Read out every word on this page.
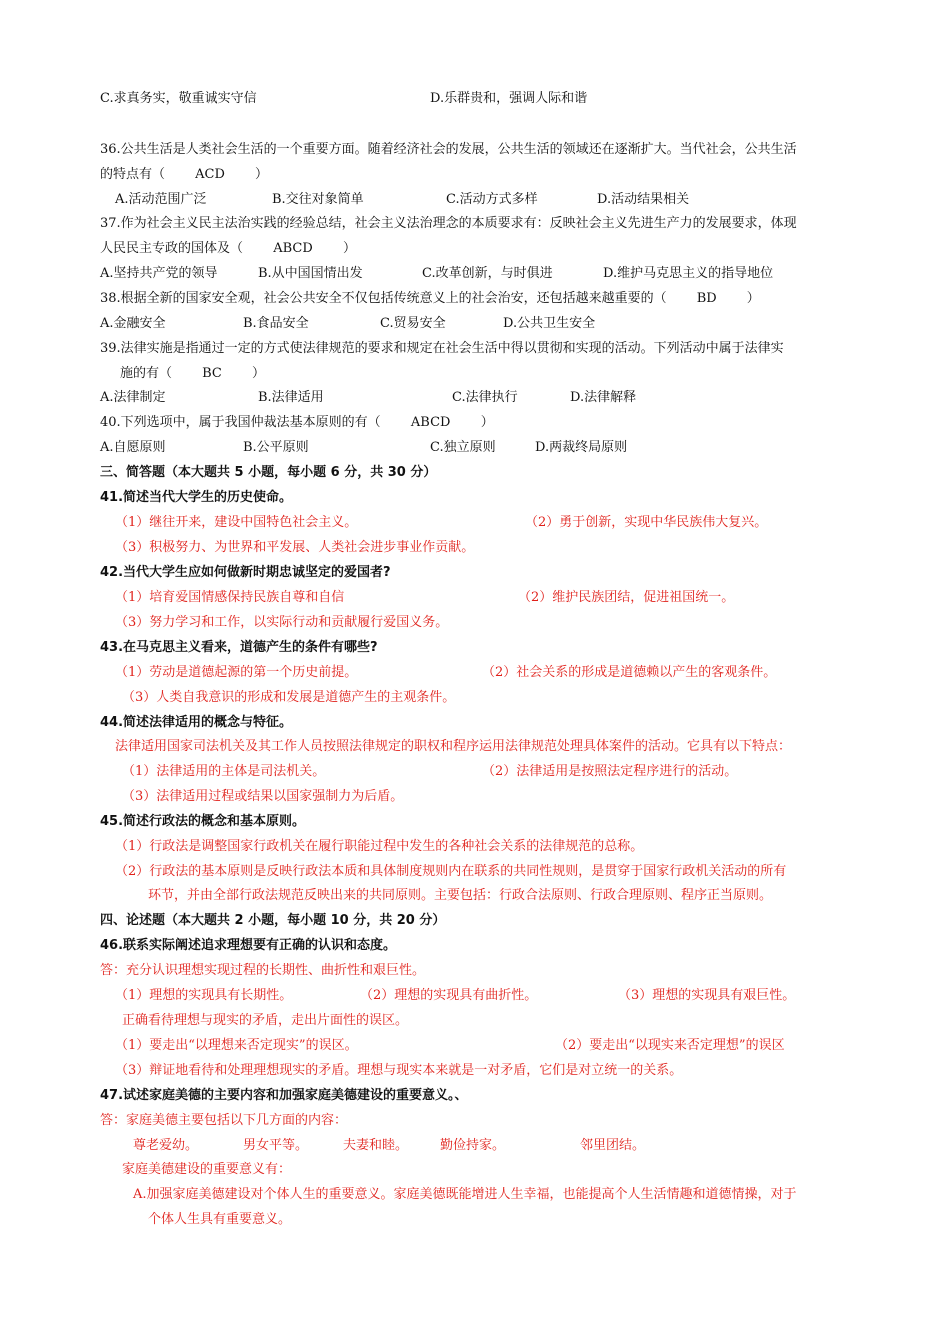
C.求真务实，敬重诚实守信	D.乐群贵和，强调人际和谐
36.公共生活是人类社会生活的一个重要方面。随着经济社会的发展，公共生活的领域还在逐渐扩大。当代社会，公共生活
的特点有（ ACD ）
A.活动范围广泛	B.交往对象简单	C.活动方式多样	D.活动结果相关
37.作为社会主义民主法治实践的经验总结，社会主义法治理念的本质要求有：反映社会主义先进生产力的发展要求，体现
人民民主专政的国体及（ ABCD ）
A.坚持共产党的领导	B.从中国国情出发	C.改革创新，与时俱进	D.维护马克思主义的指导地位
38.根据全新的国家安全观，社会公共安全不仅包括传统意义上的社会治安，还包括越来越重要的（ BD ）
A.金融安全	B.食品安全	C.贸易安全	D.公共卫生安全
39.法律实施是指通过一定的方式使法律规范的要求和规定在社会生活中得以贯彻和实现的活动。下列活动中属于法律实
施的有（ BC ）
A.法律制定	B.法律适用	C.法律执行	D.法律解释
40.下列选项中，属于我国仲裁法基本原则的有（ ABCD ）
A.自愿原则	B.公平原则	C.独立原则	D.两裁终局原则
三、简答题（本大题共 5 小题，每小题 6 分，共 30 分）
41.简述当代大学生的历史使命。
（1）继往开来，建设中国特色社会主义。	（2）勇于创新，实现中华民族伟大复兴。
（3）积极努力、为世界和平发展、人类社会进步事业作贡献。
42.当代大学生应如何做新时期忠诚坚定的爱国者?
（1）培育爱国情感保持民族自尊和自信	（2）维护民族团结，促进祖国统一。
（3）努力学习和工作，以实际行动和贡献履行爱国义务。
43.在马克思主义看来，道德产生的条件有哪些?
（1）劳动是道德起源的第一个历史前提。	（2）社会关系的形成是道德赖以产生的客观条件。
（3）人类自我意识的形成和发展是道德产生的主观条件。
44.简述法律适用的概念与特征。
法律适用国家司法机关及其工作人员按照法律规定的职权和程序运用法律规范处理具体案件的活动。它具有以下特点：
（1）法律适用的主体是司法机关。	（2）法律适用是按照法定程序进行的活动。
（3）法律适用过程或结果以国家强制力为后盾。
45.简述行政法的概念和基本原则。
（1）行政法是调整国家行政机关在履行职能过程中发生的各种社会关系的法律规范的总称。
（2）行政法的基本原则是反映行政法本质和具体制度规则内在联系的共同性规则，是贯穿于国家行政机关活动的所有
环节，并由全部行政法规范反映出来的共同原则。主要包括：行政合法原则、行政合理原则、程序正当原则。
四、论述题（本大题共 2 小题，每小题 10 分，共 20 分）
46.联系实际阐述追求理想要有正确的认识和态度。
答：充分认识理想实现过程的长期性、曲折性和艰巨性。
（1）理想的实现具有长期性。	（2）理想的实现具有曲折性。	（3）理想的实现具有艰巨性。
正确看待理想与现实的矛盾，走出片面性的误区。
（1）要走出“以理想来否定现实”的误区。	（2）要走出“以现实来否定理想”的误区
（3）辩证地看待和处理理想现实的矛盾。理想与现实本来就是一对矛盾，它们是对立统一的关系。
47.试述家庭美德的主要内容和加强家庭美德建设的重要意义。、
答：家庭美德主要包括以下几方面的内容：
尊老爱幼。	男女平等。	夫妻和睦。 勤俭持家。	邻里团结。
家庭美德建设的重要意义有：
A.加强家庭美德建设对个体人生的重要意义。家庭美德既能增进人生幸福，也能提高个人生活情趣和道德情操，对于
个体人生具有重要意义。
